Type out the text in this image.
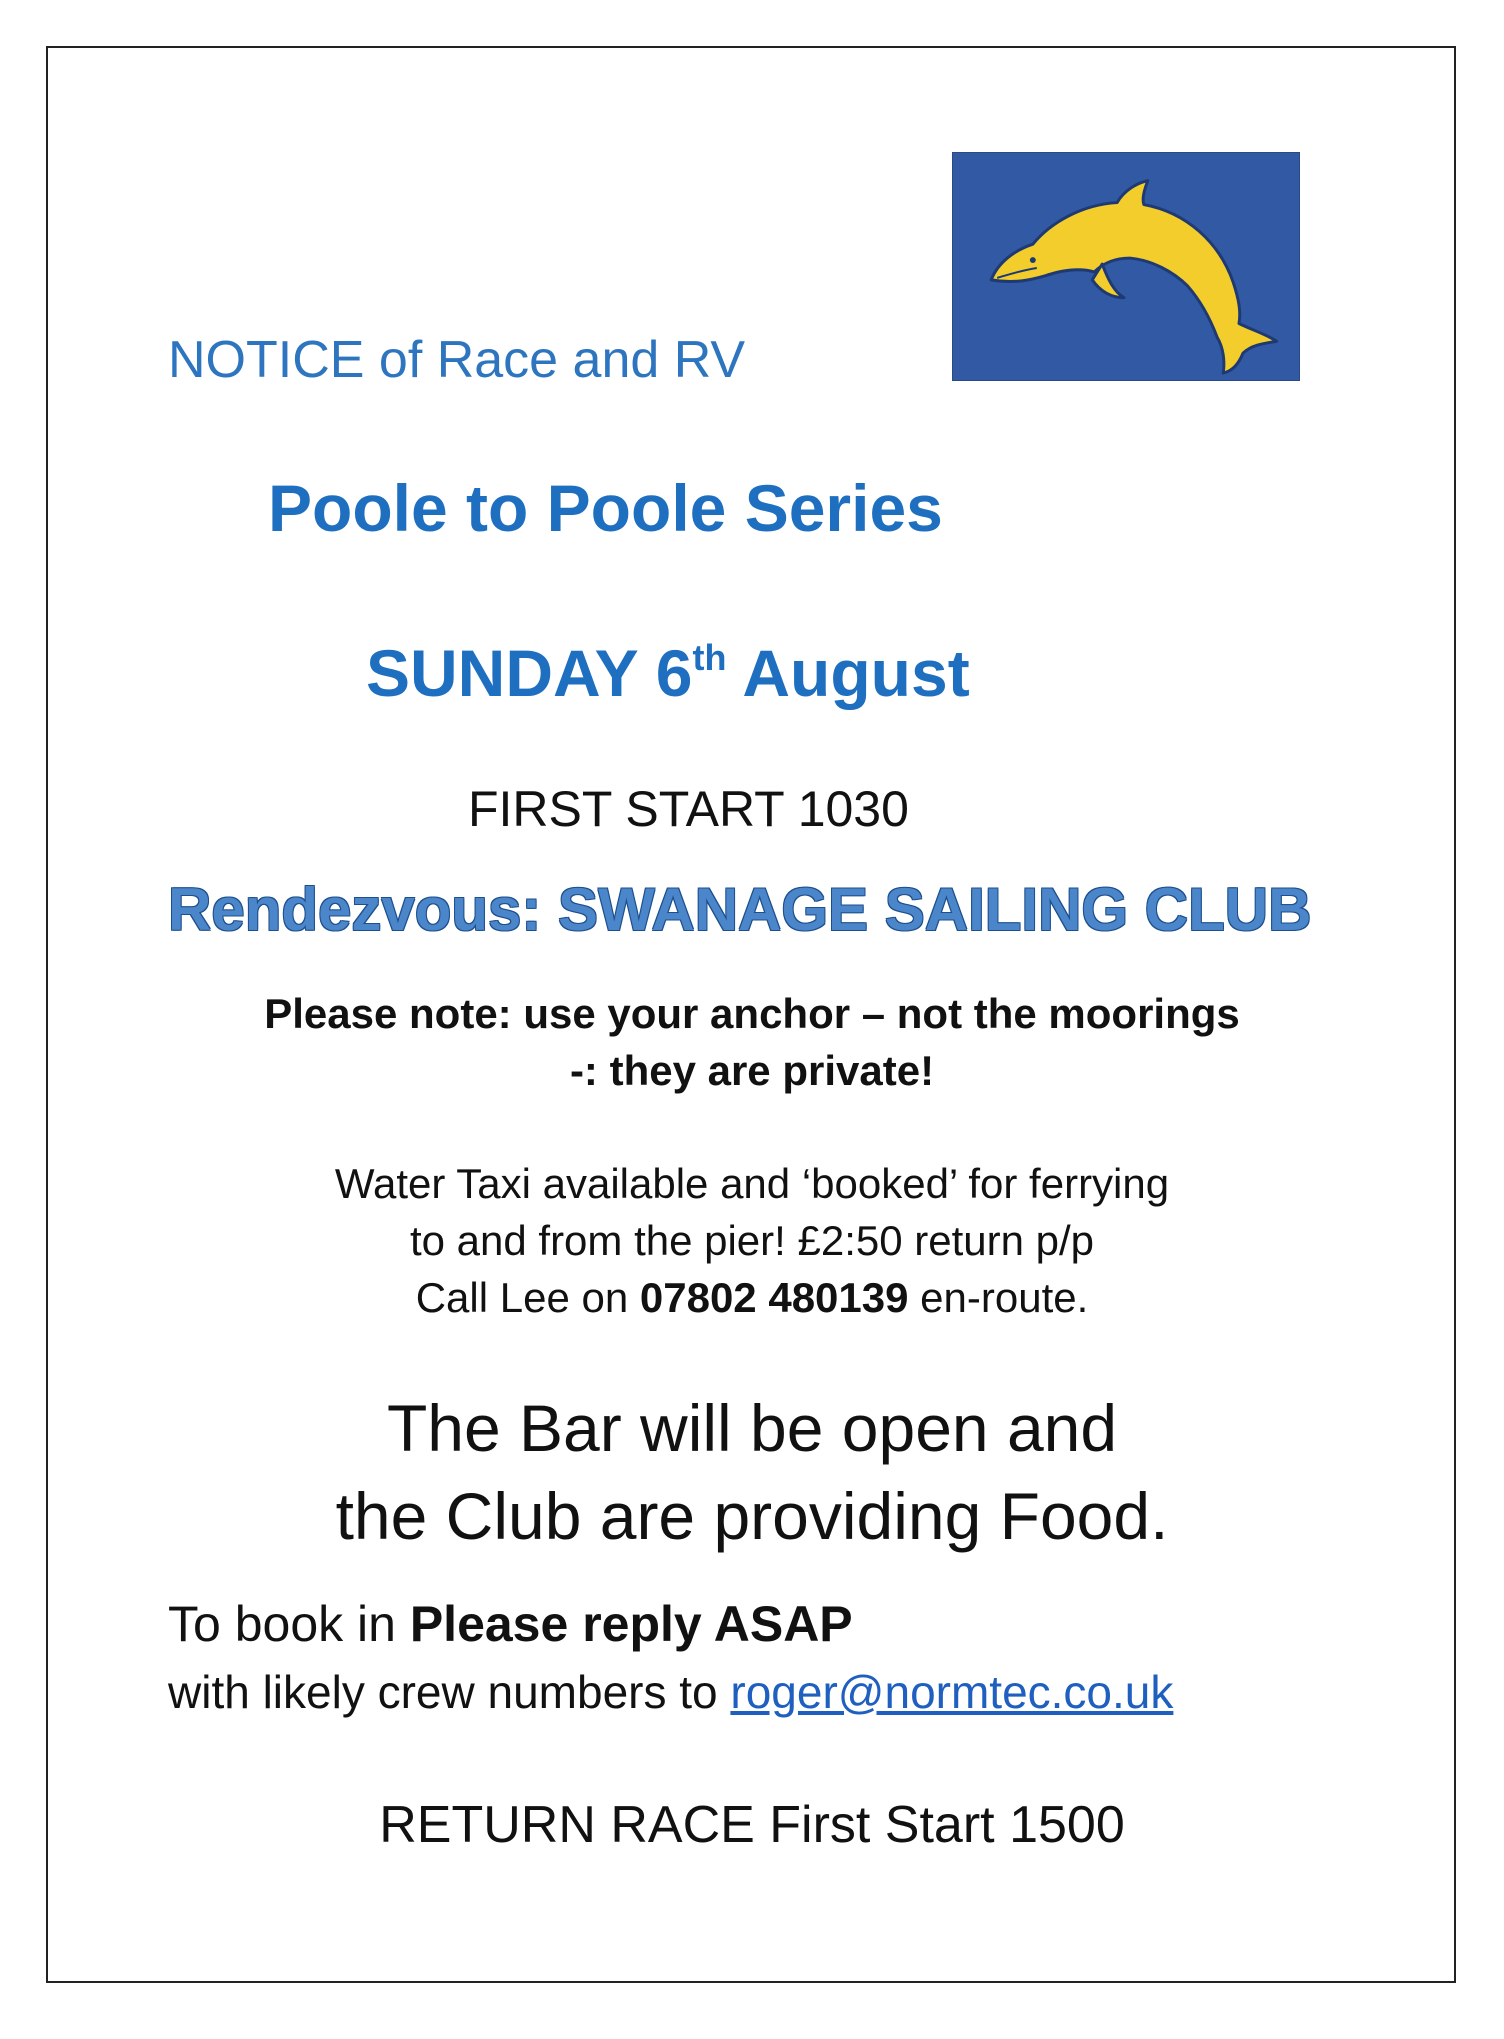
NOTICE of Race and RV
Poole to Poole Series
SUNDAY 6th August
FIRST START 1030
Rendezvous: SWANAGE SAILING CLUB
Please note: use your anchor – not the moorings
-: they are private!
Water Taxi available and ‘booked’ for ferrying
to and from the pier! £2:50 return p/p
Call Lee on 07802 480139 en-route.
The Bar will be open and
the Club are providing Food.
To book in Please reply ASAP
with likely crew numbers to roger@normtec.co.uk
RETURN RACE First Start 1500
